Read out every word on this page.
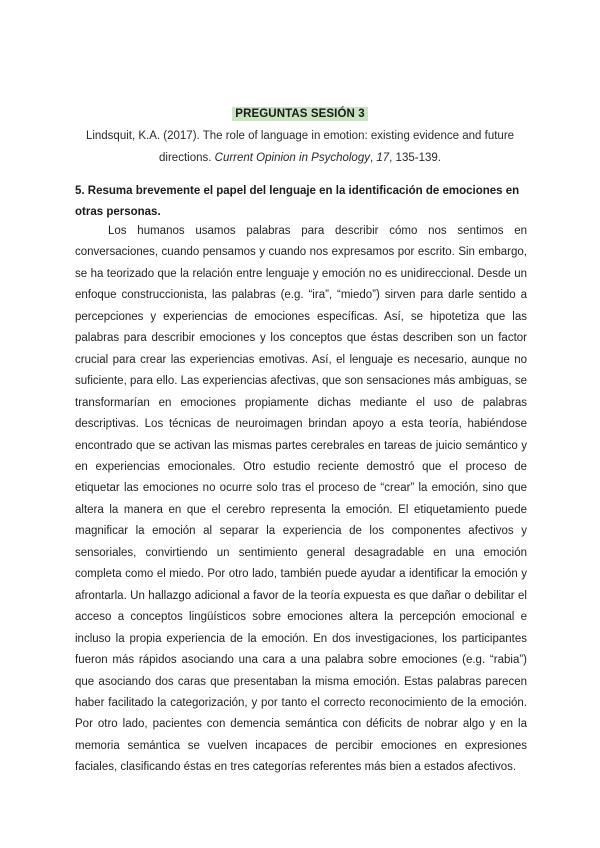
PREGUNTAS SESIÓN 3
Lindsquit, K.A. (2017). The role of language in emotion: existing evidence and future directions. Current Opinion in Psychology, 17, 135-139.
5. Resuma brevemente el papel del lenguaje en la identificación de emociones en otras personas.
Los humanos usamos palabras para describir cómo nos sentimos en conversaciones, cuando pensamos y cuando nos expresamos por escrito. Sin embargo, se ha teorizado que la relación entre lenguaje y emoción no es unidireccional. Desde un enfoque construccionista, las palabras (e.g. “ira”, “miedo”) sirven para darle sentido a percepciones y experiencias de emociones específicas. Así, se hipotetiza que las palabras para describir emociones y los conceptos que éstas describen son un factor crucial para crear las experiencias emotivas. Así, el lenguaje es necesario, aunque no suficiente, para ello. Las experiencias afectivas, que son sensaciones más ambiguas, se transformarían en emociones propiamente dichas mediante el uso de palabras descriptivas. Los técnicas de neuroimagen brindan apoyo a esta teoría, habiéndose encontrado que se activan las mismas partes cerebrales en tareas de juicio semántico y en experiencias emocionales. Otro estudio reciente demostró que el proceso de etiquetar las emociones no ocurre solo tras el proceso de “crear” la emoción, sino que altera la manera en que el cerebro representa la emoción. El etiquetamiento puede magnificar la emoción al separar la experiencia de los componentes afectivos y sensoriales, convirtiendo un sentimiento general desagradable en una emoción completa como el miedo. Por otro lado, también puede ayudar a identificar la emoción y afrontarla. Un hallazgo adicional a favor de la teoría expuesta es que dañar o debilitar el acceso a conceptos lingüísticos sobre emociones altera la percepción emocional e incluso la propia experiencia de la emoción. En dos investigaciones, los participantes fueron más rápidos asociando una cara a una palabra sobre emociones (e.g. “rabia”) que asociando dos caras que presentaban la misma emoción. Estas palabras parecen haber facilitado la categorización, y por tanto el correcto reconocimiento de la emoción. Por otro lado, pacientes con demencia semántica con déficits de nobrar algo y en la memoria semántica se vuelven incapaces de percibir emociones en expresiones faciales, clasificando éstas en tres categorías referentes más bien a estados afectivos.
